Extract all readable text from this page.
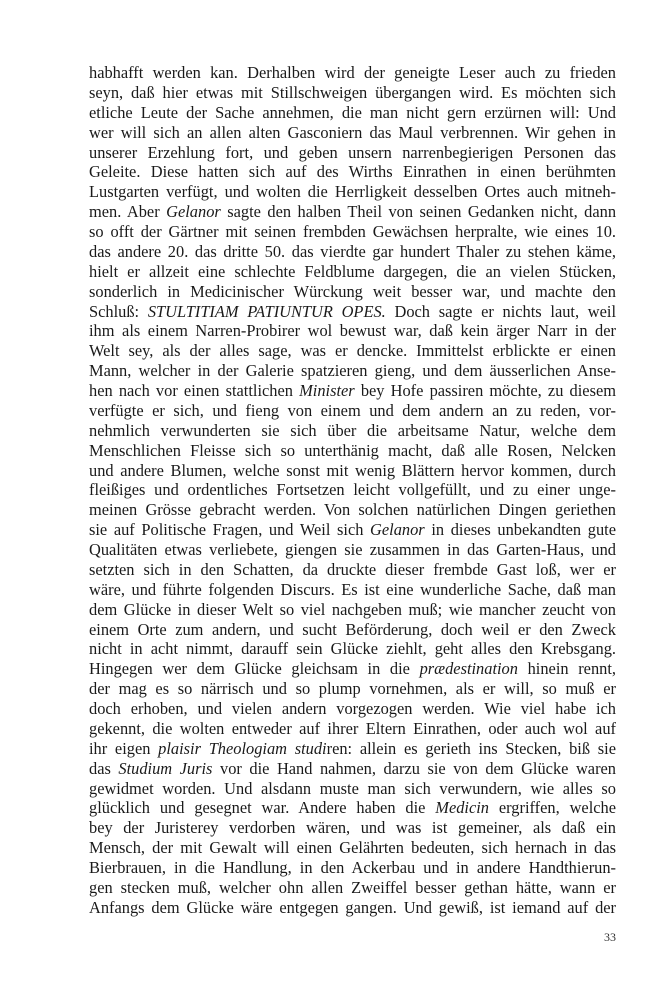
habhafft werden kan. Derhalben wird der geneigte Leser auch zu frieden
seyn, daß hier etwas mit Stillschweigen übergangen wird. Es möchten sich
etliche Leute der Sache annehmen, die man nicht gern erzürnen will: Und
wer will sich an allen alten Gasconiern das Maul verbrennen. Wir gehen in
unserer Erzehlung fort, und geben unsern narrenbegierigen Personen das
Geleite. Diese hatten sich auf des Wirths Einrathen in einen berühmten
Lustgarten verfügt, und wolten die Herrligkeit desselben Ortes auch mitneh-
men. Aber Gelanor sagte den halben Theil von seinen Gedanken nicht, dann
so offt der Gärtner mit seinen frembden Gewächsen herpralte, wie eines 10.
das andere 20. das dritte 50. das vierdte gar hundert Thaler zu stehen käme,
hielt er allzeit eine schlechte Feldblume dargegen, die an vielen Stücken,
sonderlich in Medicinischer Würckung weit besser war, und machte den
Schluß: STULTITIAM PATIUNTUR OPES. Doch sagte er nichts laut, weil
ihm als einem Narren-Probirer wol bewust war, daß kein ärger Narr in der
Welt sey, als der alles sage, was er dencke. Immittelst erblickte er einen
Mann, welcher in der Galerie spatzieren gieng, und dem äusserlichen Anse-
hen nach vor einen stattlichen Minister bey Hofe passiren möchte, zu diesem
verfügte er sich, und fieng von einem und dem andern an zu reden, vor-
nehmlich verwunderten sie sich über die arbeitsame Natur, welche dem
Menschlichen Fleisse sich so unterthänig macht, daß alle Rosen, Nelcken
und andere Blumen, welche sonst mit wenig Blättern hervor kommen, durch
fleißiges und ordentliches Fortsetzen leicht vollgefüllt, und zu einer unge-
meinen Grösse gebracht werden. Von solchen natürlichen Dingen geriethen
sie auf Politische Fragen, und Weil sich Gelanor in dieses unbekandten gute
Qualitäten etwas verliebete, giengen sie zusammen in das Garten-Haus, und
setzten sich in den Schatten, da druckte dieser frembde Gast loß, wer er
wäre, und führte folgenden Discurs. Es ist eine wunderliche Sache, daß man
dem Glücke in dieser Welt so viel nachgeben muß; wie mancher zeucht von
einem Orte zum andern, und sucht Beförderung, doch weil er den Zweck
nicht in acht nimmt, darauff sein Glücke ziehlt, geht alles den Krebsgang.
Hingegen wer dem Glücke gleichsam in die prædestination hinein rennt,
der mag es so närrisch und so plump vornehmen, als er will, so muß er
doch erhoben, und vielen andern vorgezogen werden. Wie viel habe ich
gekennt, die wolten entweder auf ihrer Eltern Einrathen, oder auch wol auf
ihr eigen plaisir Theologiam studiren: allein es gerieth ins Stecken, biß sie
das Studium Juris vor die Hand nahmen, darzu sie von dem Glücke waren
gewidmet worden. Und alsdann muste man sich verwundern, wie alles so
glücklich und gesegnet war. Andere haben die Medicin ergriffen, welche
bey der Juristerey verdorben wären, und was ist gemeiner, als daß ein
Mensch, der mit Gewalt will einen Gelährten bedeuten, sich hernach in das
Bierbrauen, in die Handlung, in den Ackerbau und in andere Handthierun-
gen stecken muß, welcher ohn allen Zweiffel besser gethan hätte, wann er
Anfangs dem Glücke wäre entgegen gangen. Und gewiß, ist iemand auf der
33
